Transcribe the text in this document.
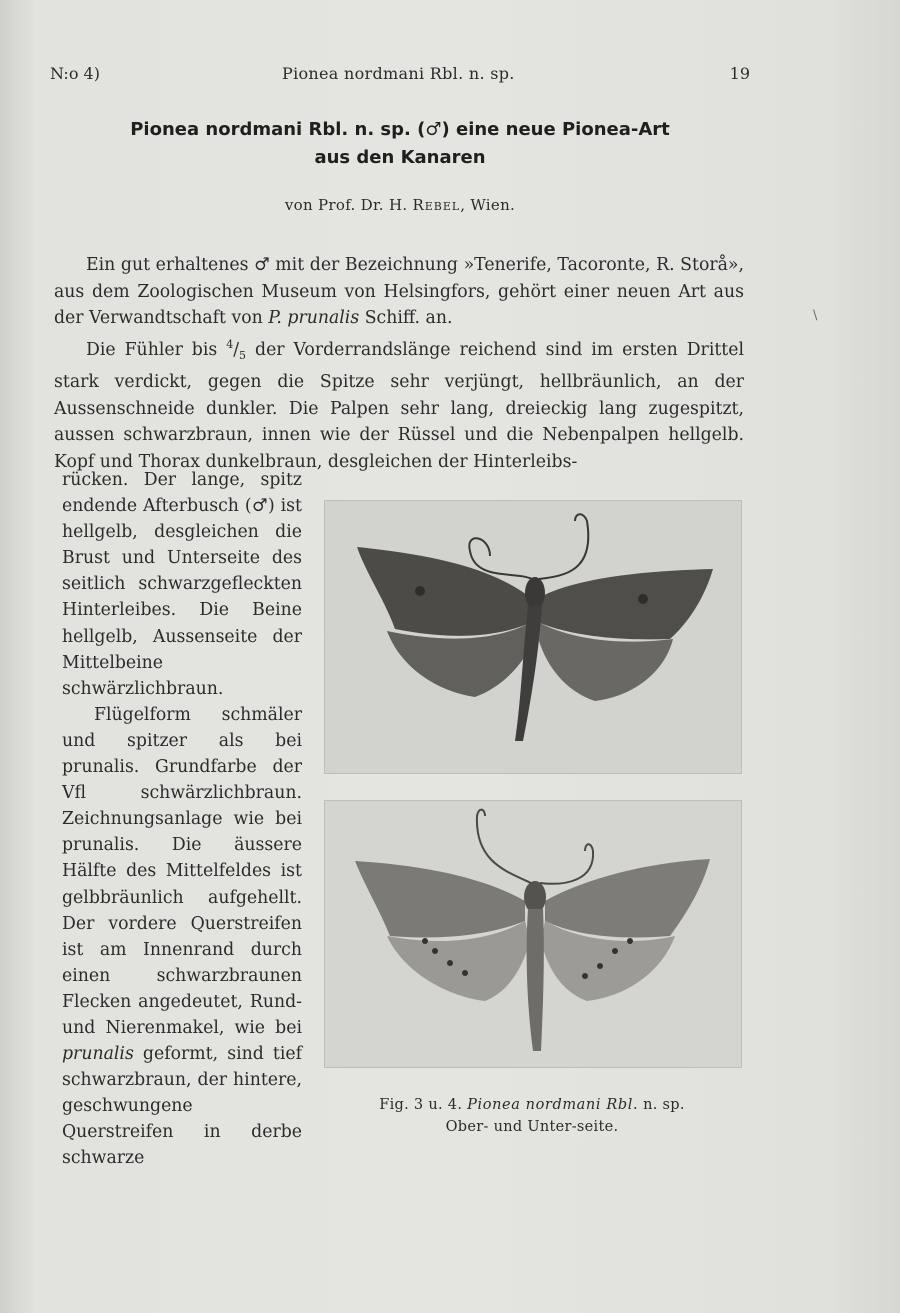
N:o 4)	Pionea nordmani Rbl. n. sp.	19
Pionea nordmani Rbl. n. sp. (♂) eine neue Pionea-Art
aus den Kanaren
von Prof. Dr. H. Rebel, Wien.

Ein gut erhaltenes ♂ mit der Bezeichnung »Tenerife, Tacoronte, R. Storå», aus dem Zoologischen Museum von Helsingfors, gehört einer neuen Art aus der Verwandtschaft von P. prunalis Schiff. an.

Die Fühler bis $^4/_5$ der Vorderrandslänge reichend sind im ersten Drittel stark verdickt, gegen die Spitze sehr verjüngt, hellbräunlich, an der Aussenschneide dunkler. Die Palpen sehr lang, dreieckig lang zugespitzt, aussen schwarzbraun, innen wie der Rüssel und die Nebenpalpen hellgelb. Kopf und Thorax dunkelbraun, desgleichen der Hinterleibs-

rücken. Der lange, spitz endende Afterbusch (♂) ist hellgelb, desgleichen die Brust und Unterseite des seitlich schwarzgefleckten Hinterleibes. Die Beine hellgelb, Aussenseite der Mittelbeine schwärzlichbraun.

Flügelform schmäler und spitzer als bei prunalis. Grundfarbe der Vfl schwärzlichbraun. Zeichnungsanlage wie bei prunalis. Die äussere Hälfte des Mittelfeldes ist gelbbräunlich aufgehellt. Der vordere Querstreifen ist am Innenrand durch einen schwarzbraunen Flecken angedeutet, Rund- und Nierenmakel, wie bei prunalis geformt, sind tief schwarzbraun, der hintere, geschwungene Querstreifen in derbe schwarze

Fig. 3 u. 4. Pionea nordmani Rbl. n. sp.
Ober- und Unter-seite.
\
